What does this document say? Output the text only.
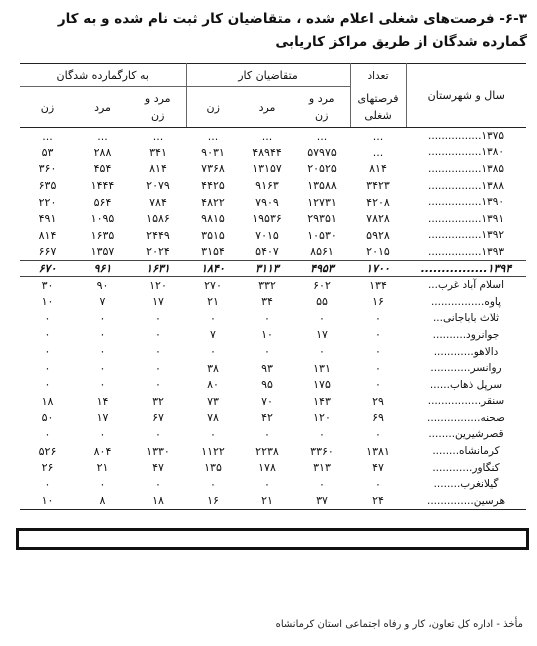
۶-۳- فرصت‌های شغلی اعلام شده ، متقاضیان کار ثبت نام شده و به کار گمارده شدگان از طریق مراکز کاریابی
سال و شهرستان	تعداد	متقاضیان کار			به کارگمارده شدگان		
	فرصتهای شغلی	مرد و زن	مرد	زن	مرد و زن	مرد	زن
۱۳۷۵................	...	...	...	...	...	...	...
۱۳۸۰................	...	۵۷۹۷۵	۴۸۹۴۴	۹۰۳۱	۳۴۱	۲۸۸	۵۳
۱۳۸۵................	۸۱۴	۲۰۵۲۵	۱۳۱۵۷	۷۳۶۸	۸۱۴	۴۵۴	۳۶۰
۱۳۸۸................	۳۴۲۳	۱۳۵۸۸	۹۱۶۳	۴۴۲۵	۲۰۷۹	۱۴۴۴	۶۳۵
۱۳۹۰................	۴۲۰۸	۱۲۷۳۱	۷۹۰۹	۴۸۲۲	۷۸۴	۵۶۴	۲۲۰
۱۳۹۱................	۷۸۲۸	۲۹۳۵۱	۱۹۵۳۶	۹۸۱۵	۱۵۸۶	۱۰۹۵	۴۹۱
۱۳۹۲................	۵۹۲۸	۱۰۵۳۰	۷۰۱۵	۳۵۱۵	۲۴۴۹	۱۶۳۵	۸۱۴
۱۳۹۳................	۲۰۱۵	۸۵۶۱	۵۴۰۷	۳۱۵۴	۲۰۲۴	۱۳۵۷	۶۶۷
۱۳۹۴................	۱۷۰۰	۴۹۵۳	۳۱۱۳	۱۸۴۰	۱۶۳۱	۹۶۱	۶۷۰
اسلام آباد غرب...	۱۳۴	۶۰۲	۳۳۲	۲۷۰	۱۲۰	۹۰	۳۰
پاوه................	۱۶	۵۵	۳۴	۲۱	۱۷	۷	۱۰
ثلاث باباجانی...	۰	۰	۰	۰	۰	۰	۰
جوانرود..........	۰	۱۷	۱۰	۷	۰	۰	۰
دالاهو............	۰	۰	۰	۰	۰	۰	۰
روانسر............	۰	۱۳۱	۹۳	۳۸	۰	۰	۰
سرپل ذهاب......	۰	۱۷۵	۹۵	۸۰	۰	۰	۰
سنقر................	۲۹	۱۴۳	۷۰	۷۳	۳۲	۱۴	۱۸
صحنه................	۶۹	۱۲۰	۴۲	۷۸	۶۷	۱۷	۵۰
قصرشیرین........	۰	۰	۰	۰	۰	۰	۰
کرمانشاه........	۱۳۸۱	۳۳۶۰	۲۲۳۸	۱۱۲۲	۱۳۳۰	۸۰۴	۵۲۶
کنگاور............	۴۷	۳۱۳	۱۷۸	۱۳۵	۴۷	۲۱	۲۶
گیلانغرب........	۰	۰	۰	۰	۰	۰	۰
هرسین..............	۲۴	۳۷	۲۱	۱۶	۱۸	۸	۱۰
مأخذ - اداره کل تعاون، کار و رفاه اجتماعی استان کرمانشاه
